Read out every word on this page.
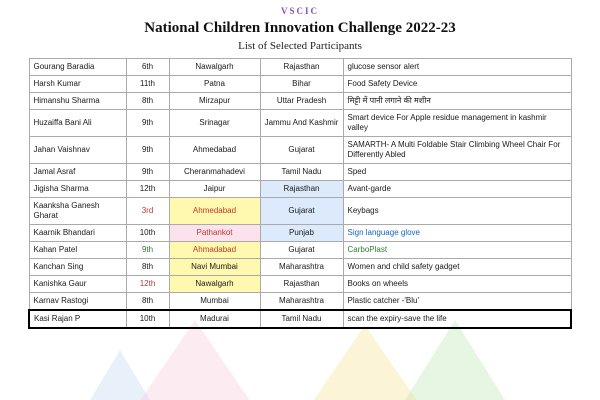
VSCIC
National Children Innovation Challenge 2022-23
List of Selected Participants
Gourang Baradia	6th	Nawalgarh	Rajasthan	glucose sensor alert
Harsh Kumar	11th	Patna	Bihar	Food Safety Device
Himanshu Sharma	8th	Mirzapur	Uttar Pradesh	मिट्टी में पानी लगाने की मशीन
Huzaiffa Bani Ali	9th	Srinagar	Jammu And Kashmir	Smart device For Apple residue management in kashmir valley
Jahan Vaishnav	9th	Ahmedabad	Gujarat	SAMARTH- A Multi Foldable Stair Climbing Wheel Chair For Differently Abled
Jamal Asraf	9th	Cheranmahadevi	Tamil Nadu	Sped
Jigisha Sharma	12th	Jaipur	Rajasthan	Avant-garde
Kaanksha Ganesh Gharat	3rd	Ahmedabad	Gujarat	Keybags
Kaarnik Bhandari	10th	Pathankot	Punjab	Sign language glove
Kahan Patel	9th	Ahmadabad	Gujarat	CarboPlast
Kanchan Sing	8th	Navi Mumbai	Maharashtra	Women and child safety gadget
Kanishka Gaur	12th	Nawalgarh	Rajasthan	Books on wheels
Karnav Rastogi	8th	Mumbai	Maharashtra	Plastic catcher -'Blu'
Kasi Rajan P	10th	Madurai	Tamil Nadu	scan the expiry-save the life
